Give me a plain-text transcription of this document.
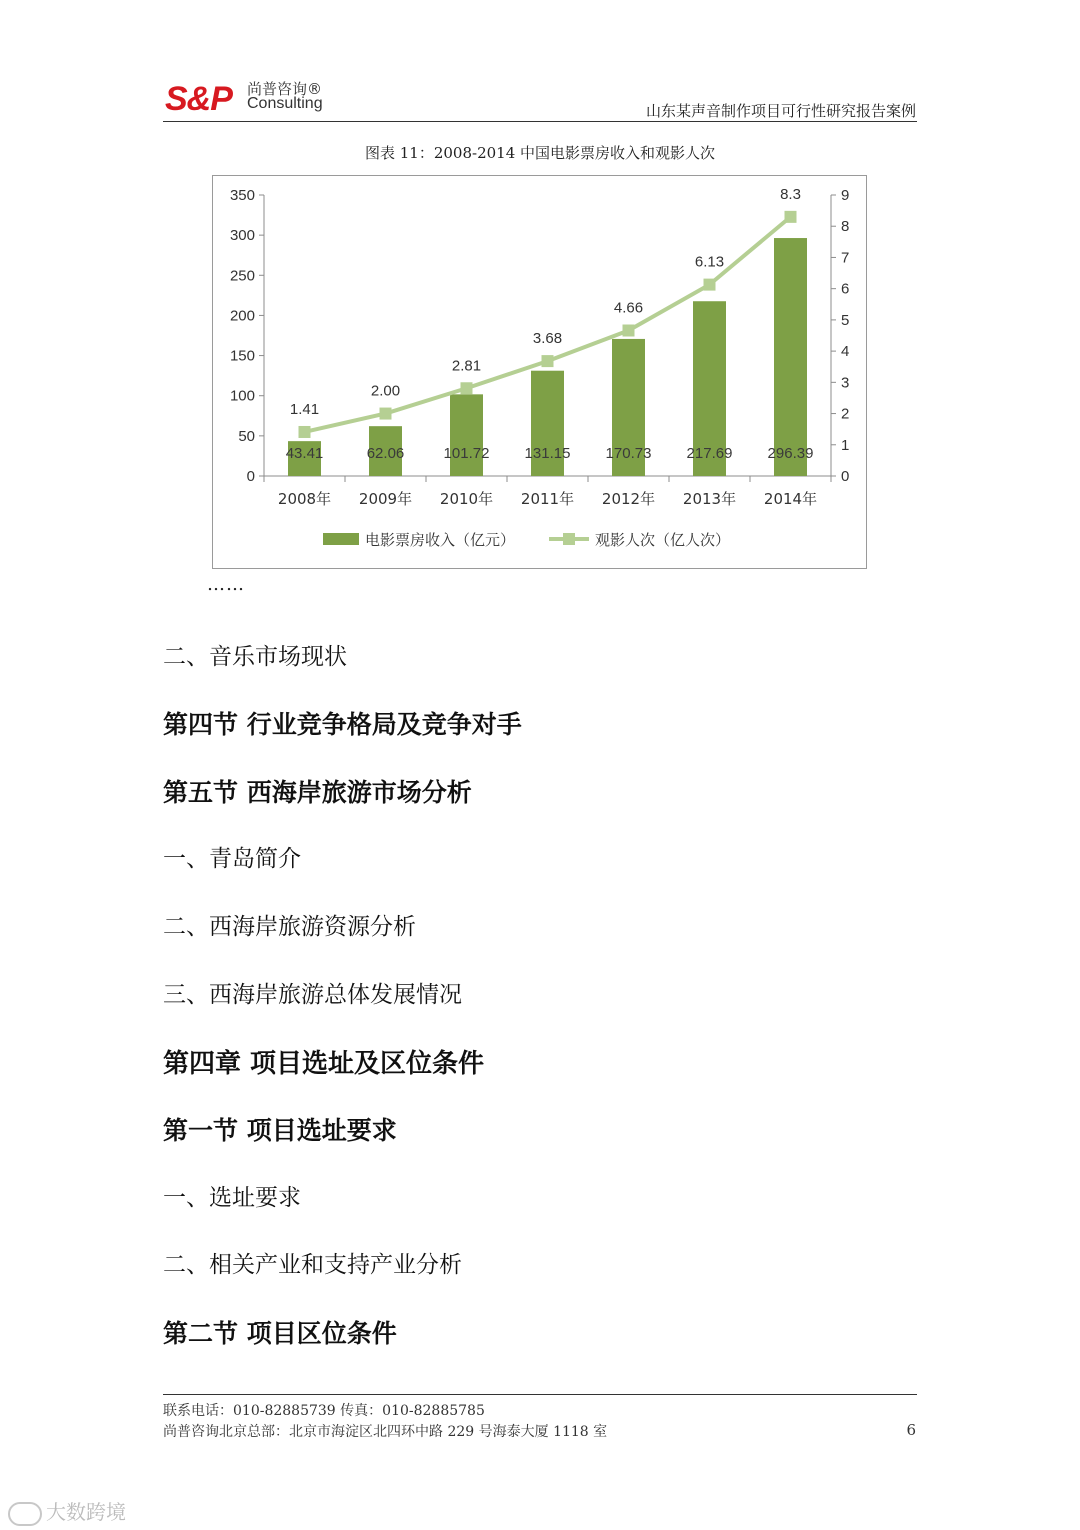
S&P 尚普咨询®
Consulting	山东某声音制作项目可行性研究报告案例
图表 11：2008-2014 中国电影票房收入和观影人次
0
50
100
150
200
250
300
350
0
1
2
3
4
5
6
7
8
9
43.41	62.06	101.72 131.15 170.73 217.69 296.39
1.41
2.00
2.81
3.68
4.66
6.13
8.3
2008年 2009年 2010年 2011年 2012年 2013年 2014年
电影票房收入（亿元）	观影人次（亿人次）
……
二、音乐市场现状
第四节 行业竞争格局及竞争对手
第五节 西海岸旅游市场分析
一、青岛简介
二、西海岸旅游资源分析
三、西海岸旅游总体发展情况
第四章 项目选址及区位条件
第一节 项目选址要求
一、选址要求
二、相关产业和支持产业分析
第二节 项目区位条件
联系电话：010-82885739 传真：010-82885785
尚普咨询北京总部：北京市海淀区北四环中路 229 号海泰大厦 1118 室	6
大数跨境
